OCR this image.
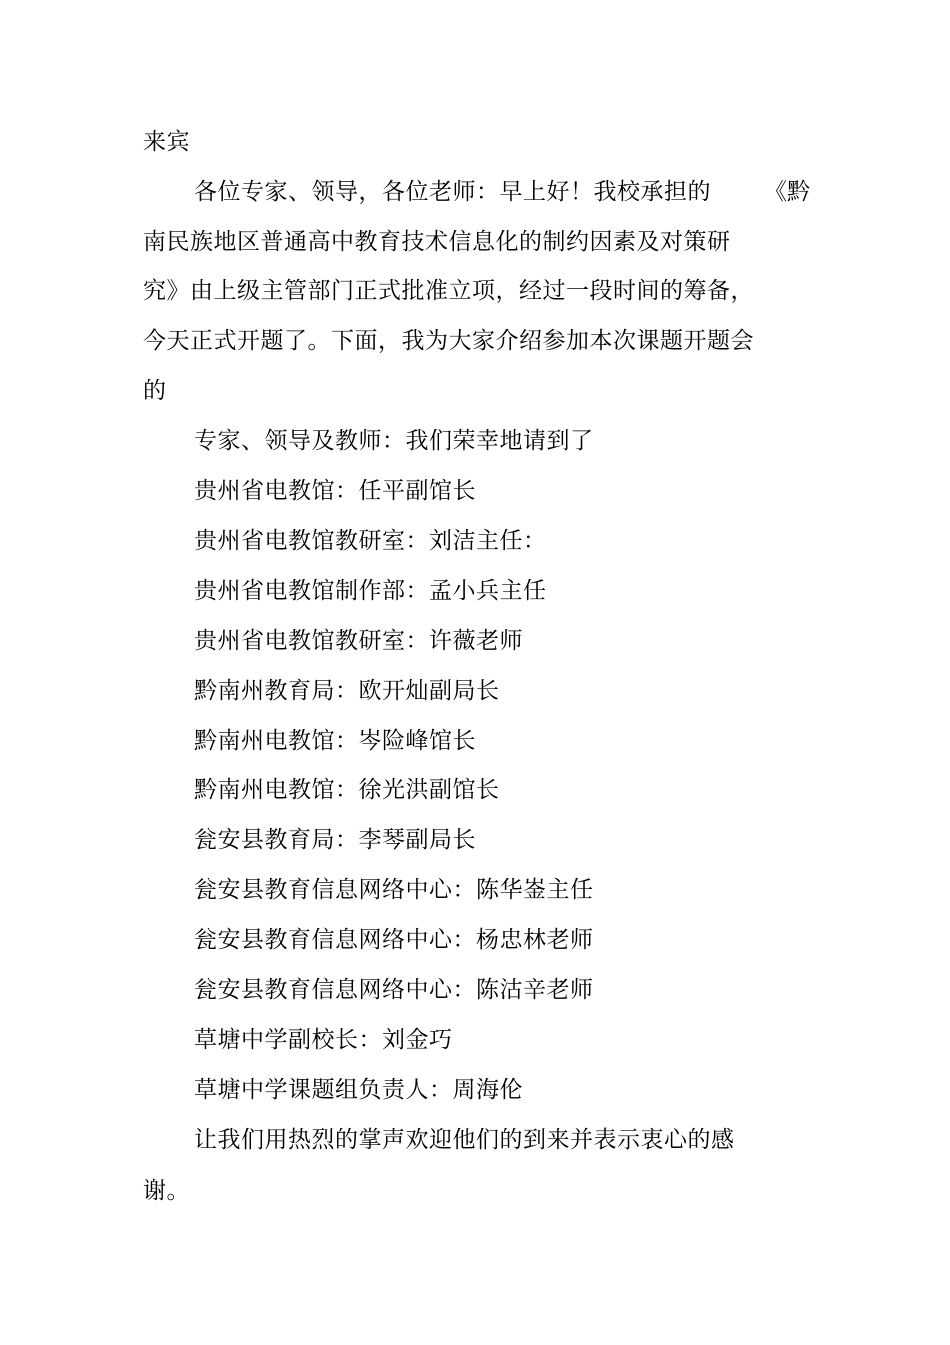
来宾
各位专家、领导，各位老师：早上好！我校承担的 《黔
南民族地区普通高中教育技术信息化的制约因素及对策研
究》由上级主管部门正式批准立项，经过一段时间的筹备，
今天正式开题了。下面，我为大家介绍参加本次课题开题会
的
专家、领导及教师：我们荣幸地请到了
贵州省电教馆：任平副馆长
贵州省电教馆教研室：刘洁主任：
贵州省电教馆制作部：孟小兵主任
贵州省电教馆教研室：许薇老师
黔南州教育局：欧开灿副局长
黔南州电教馆：岑险峰馆长
黔南州电教馆：徐光洪副馆长
瓮安县教育局：李琴副局长
瓮安县教育信息网络中心：陈华崟主任
瓮安县教育信息网络中心：杨忠林老师
瓮安县教育信息网络中心：陈沽辛老师
草塘中学副校长：刘金巧
草塘中学课题组负责人：周海伦
让我们用热烈的掌声欢迎他们的到来并表示衷心的感
谢。
